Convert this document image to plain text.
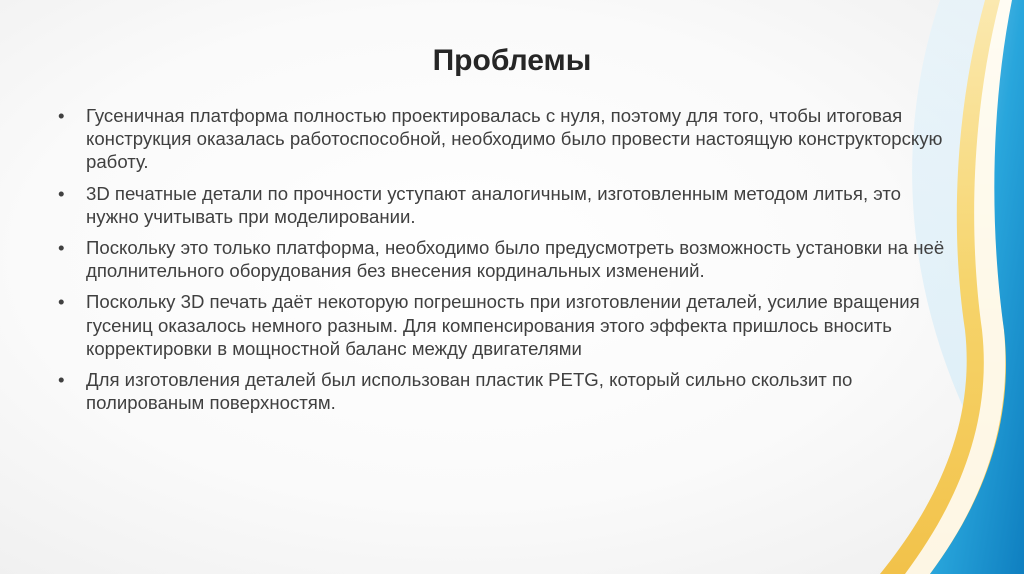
Проблемы
•	Гусеничная платформа полностью проектировалась с нуля, поэтому для того, чтобы итоговая конструкция оказалась работоспособной, необходимо было провести настоящую конструкторскую работу.
•	3D печатные детали по прочности уступают аналогичным, изготовленным методом литья, это нужно учитывать при моделировании.
•	Поскольку это только платформа, необходимо было предусмотреть возможность установки на неё дполнительного оборудования без внесения кординальных изменений.
•	Поскольку 3D печать даёт некоторую погрешность при изготовлении деталей, усилие вращения гусениц оказалось немного разным. Для компенсирования этого эффекта пришлось вносить корректировки в мощностной баланс между двигателями
•	Для изготовления деталей был использован пластик PETG, который сильно скользит по полированым поверхностям.
